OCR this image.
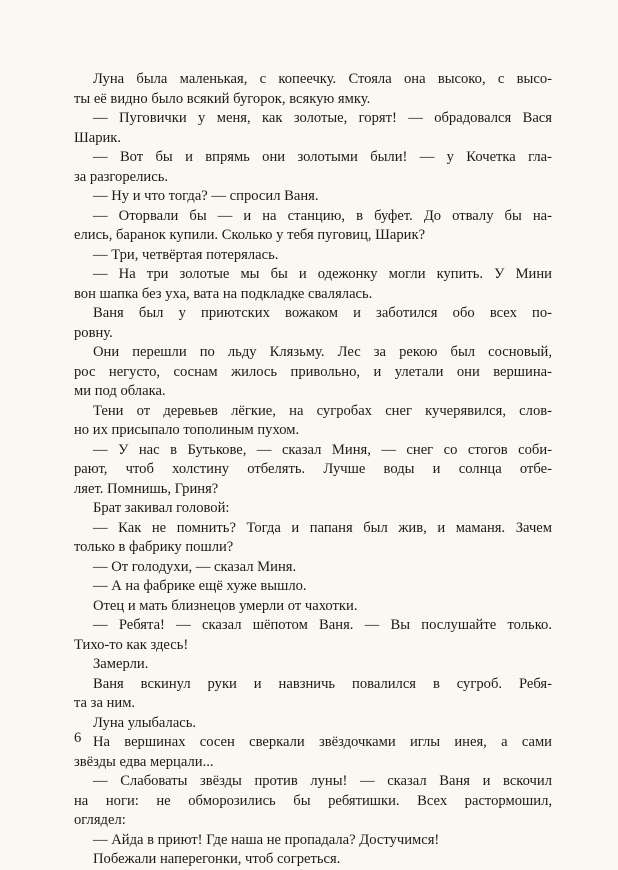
Луна была маленькая, с копеечку. Стояла она высоко, с высо-
ты её видно было всякий бугорок, всякую ямку.
— Пуговички у меня, как золотые, горят! — обрадовался Вася
Шарик.
— Вот бы и впрямь они золотыми были! — у Кочетка гла-
за разгорелись.
— Ну и что тогда? — спросил Ваня.
— Оторвали бы — и на станцию, в буфет. До отвалу бы на-
елись, баранок купили. Сколько у тебя пуговиц, Шарик?
— Три, четвёртая потерялась.
— На три золотые мы бы и одежонку могли купить. У Мини
вон шапка без уха, вата на подкладке свалялась.
Ваня был у приютских вожаком и заботился обо всех по-
ровну.
Они перешли по льду Клязьму. Лес за рекою был сосновый,
рос негусто, соснам жилось привольно, и улетали они вершина-
ми под облака.
Тени от деревьев лёгкие, на сугробах снег кучерявился, слов-
но их присыпало тополиным пухом.
— У нас в Бутькове, — сказал Миня, — снег со стогов соби-
рают, чтоб холстину отбелять. Лучше воды и солнца отбе-
ляет. Помнишь, Гриня?
Брат закивал головой:
— Как не помнить? Тогда и папаня был жив, и маманя. Зачем
только в фабрику пошли?
— От голодухи, — сказал Миня.
— А на фабрике ещё хуже вышло.
Отец и мать близнецов умерли от чахотки.
— Ребята! — сказал шёпотом Ваня. — Вы послушайте только.
Тихо-то как здесь!
Замерли.
Ваня вскинул руки и навзничь повалился в сугроб. Ребя-
та за ним.
Луна улыбалась.
На вершинах сосен сверкали звёздочками иглы инея, а сами
звёзды едва мерцали...
— Слабоваты звёзды против луны! — сказал Ваня и вскочил
на ноги: не обморозились бы ребятишки. Всех растормошил,
оглядел:
— Айда в приют! Где наша не пропадала? Достучимся!
Побежали наперегонки, чтоб согреться.
6
